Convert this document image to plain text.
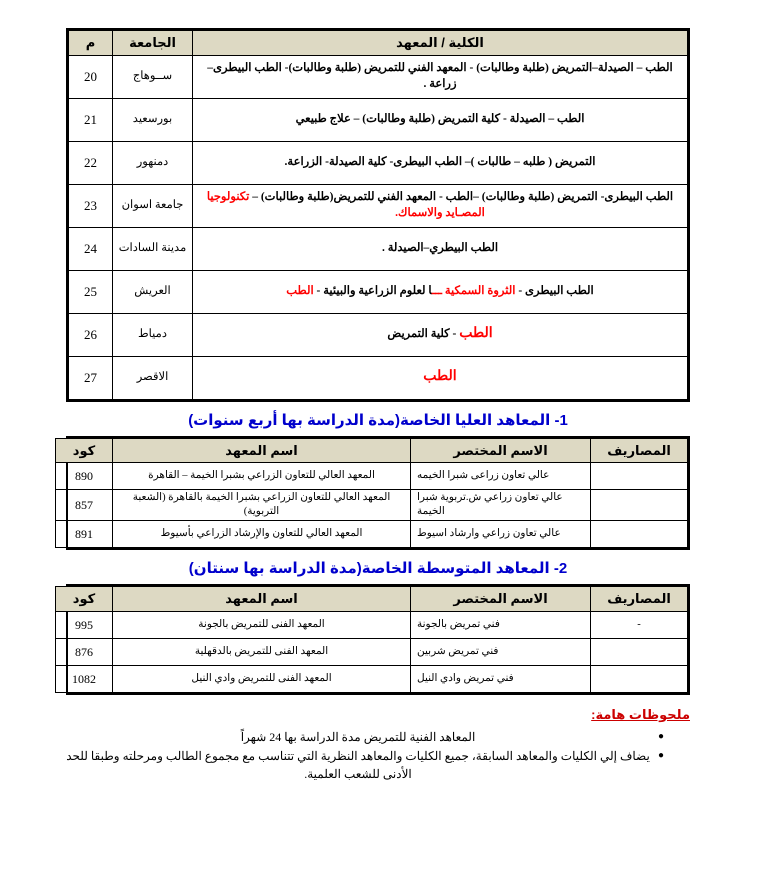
الكلية / المعهد	الجامعة	م
الطب – الصيدلة–التمريض (طلبة وطالبات) - المعهد الفني للتمريض (طلبة وطالبات)- الطب البيطرى– زراعة .	ســوهاج	20
الطب – الصيدلة - كلية التمريض (طلبة وطالبات) – علاج طبيعي	بورسعيد	21
التمريض ( طلبه – طالبات )– الطب البيطرى- كلية الصيدلة- الزراعة.	دمنهور	22
الطب البيطرى- التمريض (طلبة وطالبات) –الطب - المعهد الفني للتمريض(طلبة وطالبات) – تكنولوجيا المصـايد والاسماك.	جامعة اسوان	23
الطب البيطري–الصيدلة .	مدينة السادات	24
الطب البيطرى - الثروة السمكية ـــا لعلوم الزراعية والبيئية - الطب	العريش	25
الطب - كلية التمريض	دمياط	26
الطب	الاقصر	27
1- المعاهد العليا الخاصة(مدة الدراسة بها أربع سنوات)
المصاريف	الاسم المختصر	اسم المعهد	كود
	عالي تعاون زراعى شبرا الخيمه	المعهد العالي للتعاون الزراعي بشبرا الخيمة – القاهرة	890
	عالي تعاون زراعي ش.تربوية شبرا الخيمة	المعهد العالي للتعاون الزراعي بشبرا الخيمة بالقاهرة (الشعبة التربوية)	857
	عالي تعاون زراعي وارشاد اسيوط	المعهد العالي للتعاون والإرشاد الزراعي بأسيوط	891
2- المعاهد المتوسطة الخاصة(مدة الدراسة بها سنتان)
المصاريف	الاسم المختصر	اسم المعهد	كود
-	فني تمريض بالجونة	المعهد الفنى للتمريض بالجونة	995
	فني تمريض شربين	المعهد الفنى للتمريض بالدقهلية	876
	فني تمريض وادي النيل	المعهد الفنى للتمريض وادي النيل	1082
ملحوظات هامة:
●
المعاهد الفنية للتمريض مدة الدراسة بها 24 شهراً
●
يضاف إلي الكليات والمعاهد السابقة، جميع الكليات والمعاهد النظرية التي تتناسب مع مجموع الطالب ومرحلته وطبقا للحد الأدنى للشعب العلمية.
